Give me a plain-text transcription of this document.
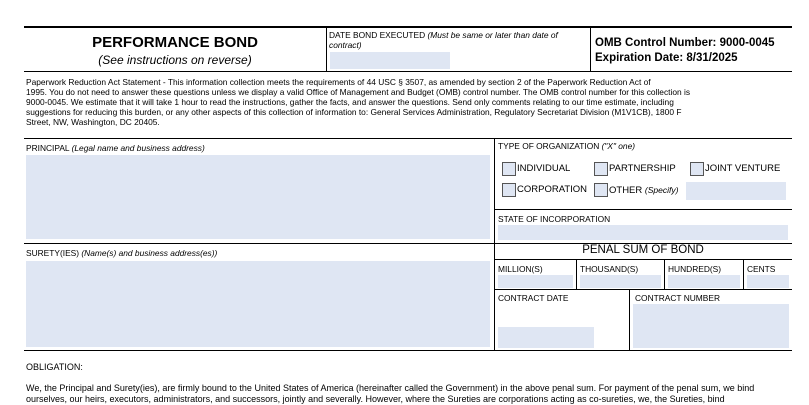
PERFORMANCE BOND
(See instructions on reverse)
DATE BOND EXECUTED (Must be same or later than date of contract)	OMB Control Number: 9000-0045
Expiration Date: 8/31/2025
Paperwork Reduction Act Statement - This information collection meets the requirements of 44 USC § 3507, as amended by section 2 of the Paperwork Reduction Act of
1995. You do not need to answer these questions unless we display a valid Office of Management and Budget (OMB) control number. The OMB control number for this collection is
9000-0045. We estimate that it will take 1 hour to read the instructions, gather the facts, and answer the questions. Send only comments relating to our time estimate, including
suggestions for reducing this burden, or any other aspects of this collection of information to: General Services Administration, Regulatory Secretariat Division (M1V1CB), 1800 F
Street, NW, Washington, DC 20405.
PRINCIPAL (Legal name and business address)	TYPE OF ORGANIZATION ("X" one)
INDIVIDUAL	PARTNERSHIP	JOINT VENTURE
CORPORATION OTHER (Specify)
STATE OF INCORPORATION
SURETY(IES) (Name(s) and business address(es))	PENAL SUM OF BOND
MILLION(S)	THOUSAND(S)	HUNDRED(S)	CENTS
CONTRACT DATE	CONTRACT NUMBER
OBLIGATION:
We, the Principal and Surety(ies), are firmly bound to the United States of America (hereinafter called the Government) in the above penal sum. For payment of the penal sum, we bind
ourselves, our heirs, executors, administrators, and successors, jointly and severally. However, where the Sureties are corporations acting as co-sureties, we, the Sureties, bind
